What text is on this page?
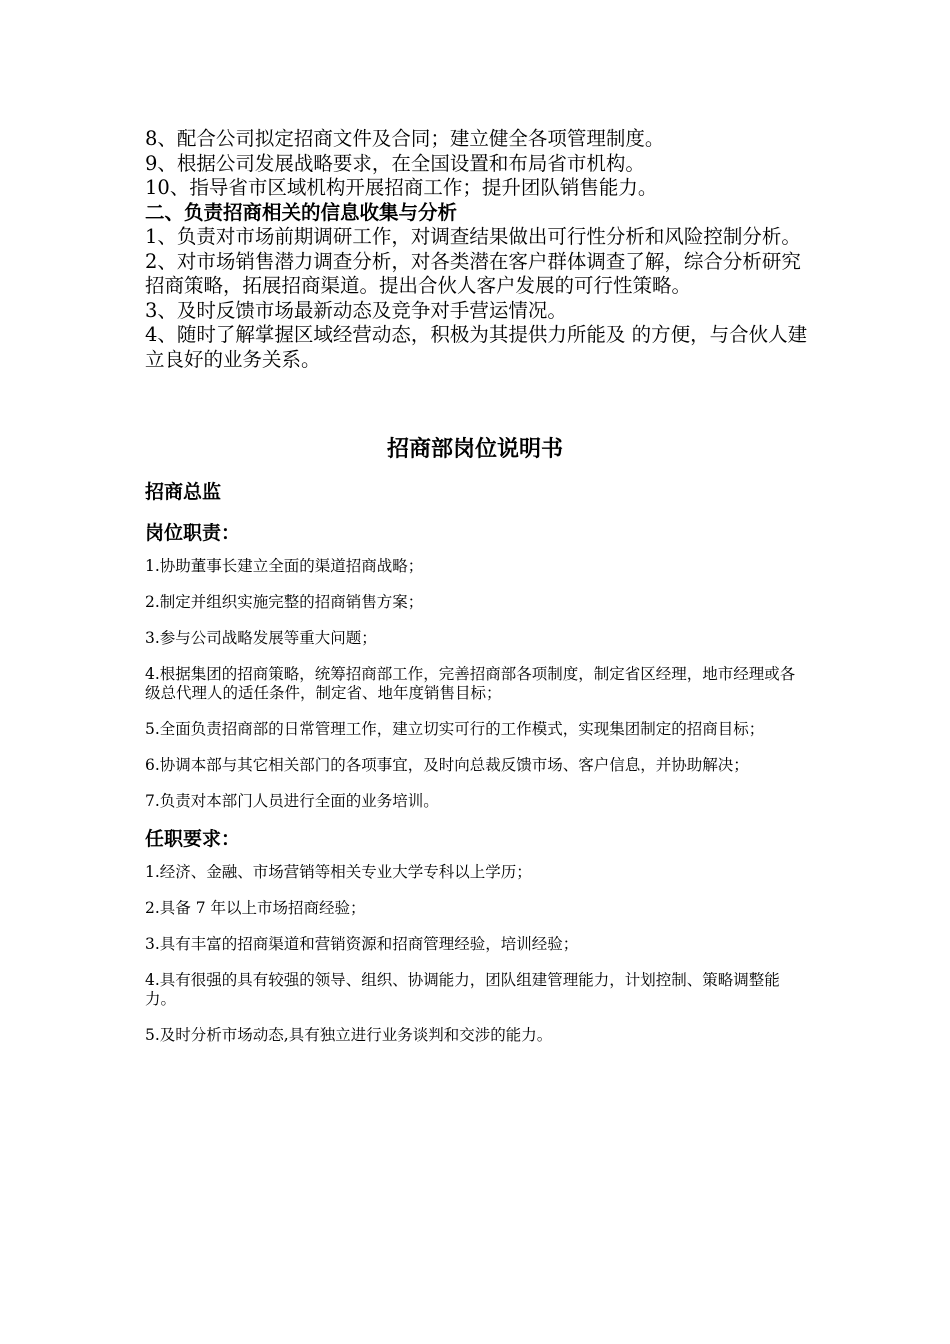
8、配合公司拟定招商文件及合同；建立健全各项管理制度。

9、根据公司发展战略要求，在全国设置和布局省市机构。

10、指导省市区域机构开展招商工作；提升团队销售能力。

二、负责招商相关的信息收集与分析

1、负责对市场前期调研工作，对调查结果做出可行性分析和风险控制分析。

2、对市场销售潜力调查分析，对各类潜在客户群体调查了解，综合分析研究招商策略，拓展招商渠道。提出合伙人客户发展的可行性策略。

3、及时反馈市场最新动态及竞争对手营运情况。

4、随时了解掌握区域经营动态，积极为其提供力所能及 的方便，与合伙人建立良好的业务关系。

招商部岗位说明书

招商总监

岗位职责：

1.协助董事长建立全面的渠道招商战略；

2.制定并组织实施完整的招商销售方案；

3.参与公司战略发展等重大问题；

4.根据集团的招商策略，统筹招商部工作，完善招商部各项制度，制定省区经理，地市经理或各级总代理人的适任条件，制定省、地年度销售目标；

5.全面负责招商部的日常管理工作，建立切实可行的工作模式，实现集团制定的招商目标；

6.协调本部与其它相关部门的各项事宜，及时向总裁反馈市场、客户信息，并协助解决；

7.负责对本部门人员进行全面的业务培训。

任职要求：

1.经济、金融、市场营销等相关专业大学专科以上学历；

2.具备 7 年以上市场招商经验；

3.具有丰富的招商渠道和营销资源和招商管理经验，培训经验；

4.具有很强的具有较强的领导、组织、协调能力，团队组建管理能力，计划控制、策略调整能力。

5.及时分析市场动态,具有独立进行业务谈判和交涉的能力。
